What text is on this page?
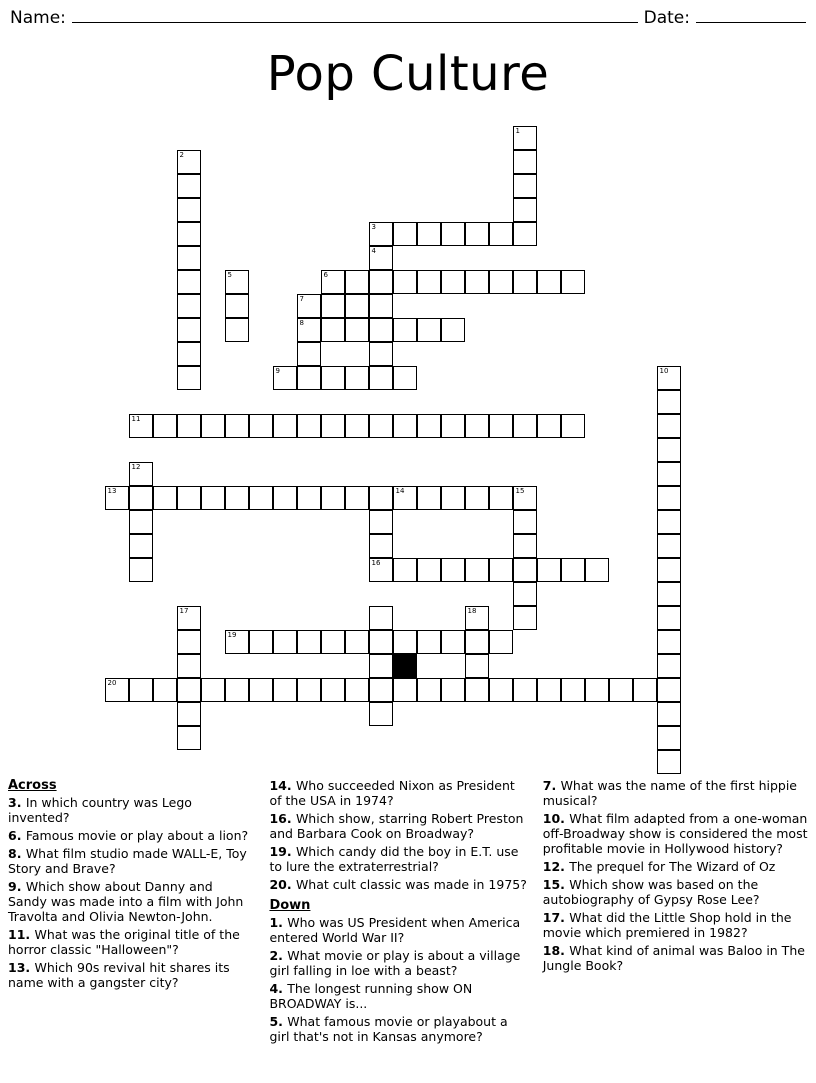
Name:	Date:
Pop Culture
1
2
3
4
5	6
7
8
9	10
11
12
13	14	15
16
17	18
19
20
Across
3. In which country was Lego invented?
6. Famous movie or play about a lion?
8. What film studio made WALL-E, Toy Story and Brave?
9. Which show about Danny and Sandy was made into a film with John Travolta and Olivia Newton-John.
11. What was the original title of the horror classic "Halloween"?
13. Which 90s revival hit shares its name with a gangster city?
14. Who succeeded Nixon as President of the USA in 1974?
16. Which show, starring Robert Preston and Barbara Cook on Broadway?
19. Which candy did the boy in E.T. use to lure the extraterrestrial?
20. What cult classic was made in 1975?
Down
1. Who was US President when America entered World War II?
2. What movie or play is about a village girl falling in loe with a beast?
4. The longest running show ON BROADWAY is...
5. What famous movie or playabout a girl that's not in Kansas anymore?
7. What was the name of the first hippie musical?
10. What film adapted from a one-woman off-Broadway show is considered the most profitable movie in Hollywood history?
12. The prequel for The Wizard of Oz
15. Which show was based on the autobiography of Gypsy Rose Lee?
17. What did the Little Shop hold in the movie which premiered in 1982?
18. What kind of animal was Baloo in The Jungle Book?
